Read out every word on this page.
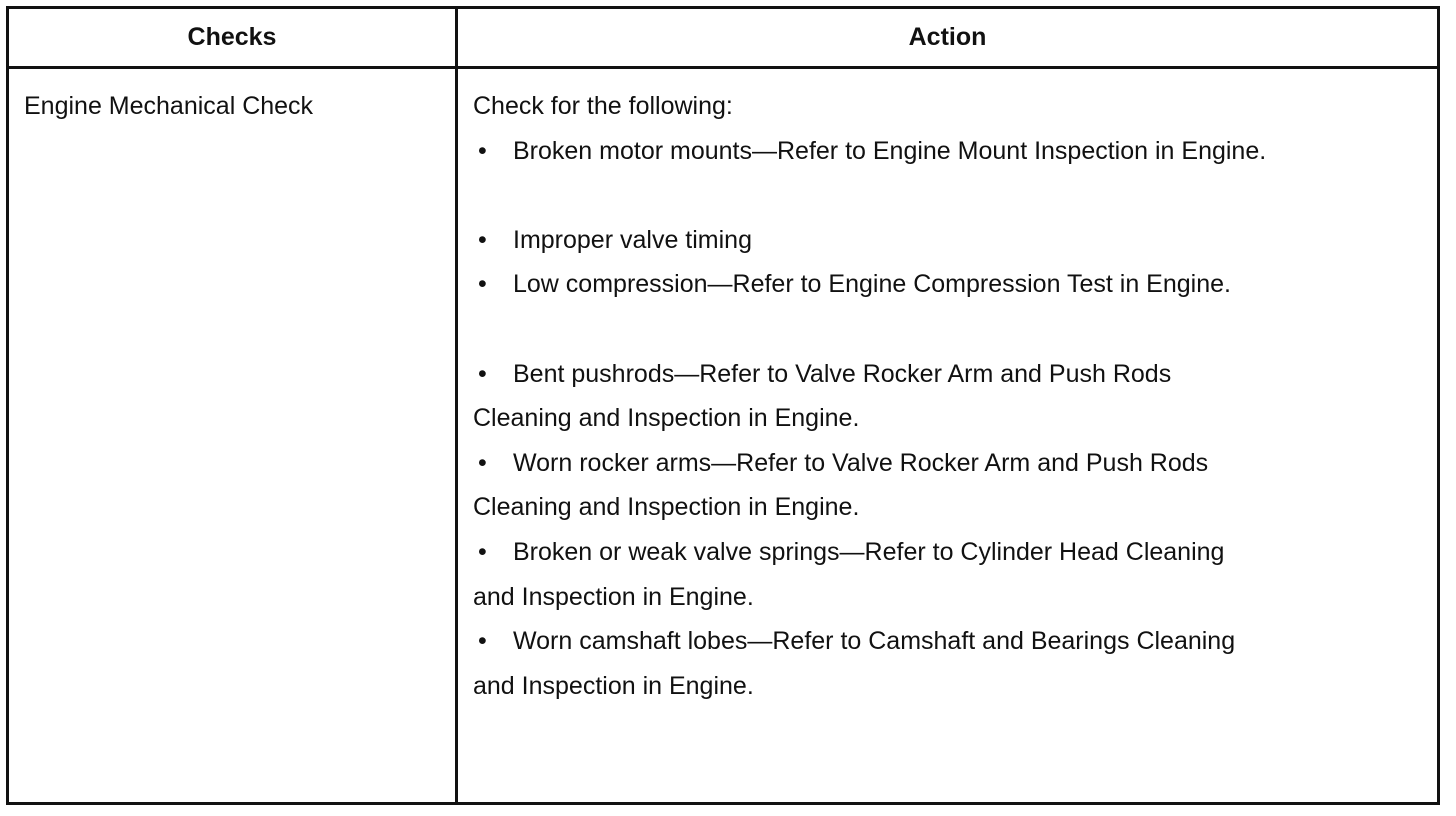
Checks	Action
Engine Mechanical Check	Check for the following:
• Broken motor mounts—Refer to Engine Mount Inspection in Engine.
• Improper valve timing
• Low compression—Refer to Engine Compression Test in Engine.
• Bent pushrods—Refer to Valve Rocker Arm and Push Rods
Cleaning and Inspection in Engine.
• Worn rocker arms—Refer to Valve Rocker Arm and Push Rods
Cleaning and Inspection in Engine.
• Broken or weak valve springs—Refer to Cylinder Head Cleaning
and Inspection in Engine.
• Worn camshaft lobes—Refer to Camshaft and Bearings Cleaning
and Inspection in Engine.
